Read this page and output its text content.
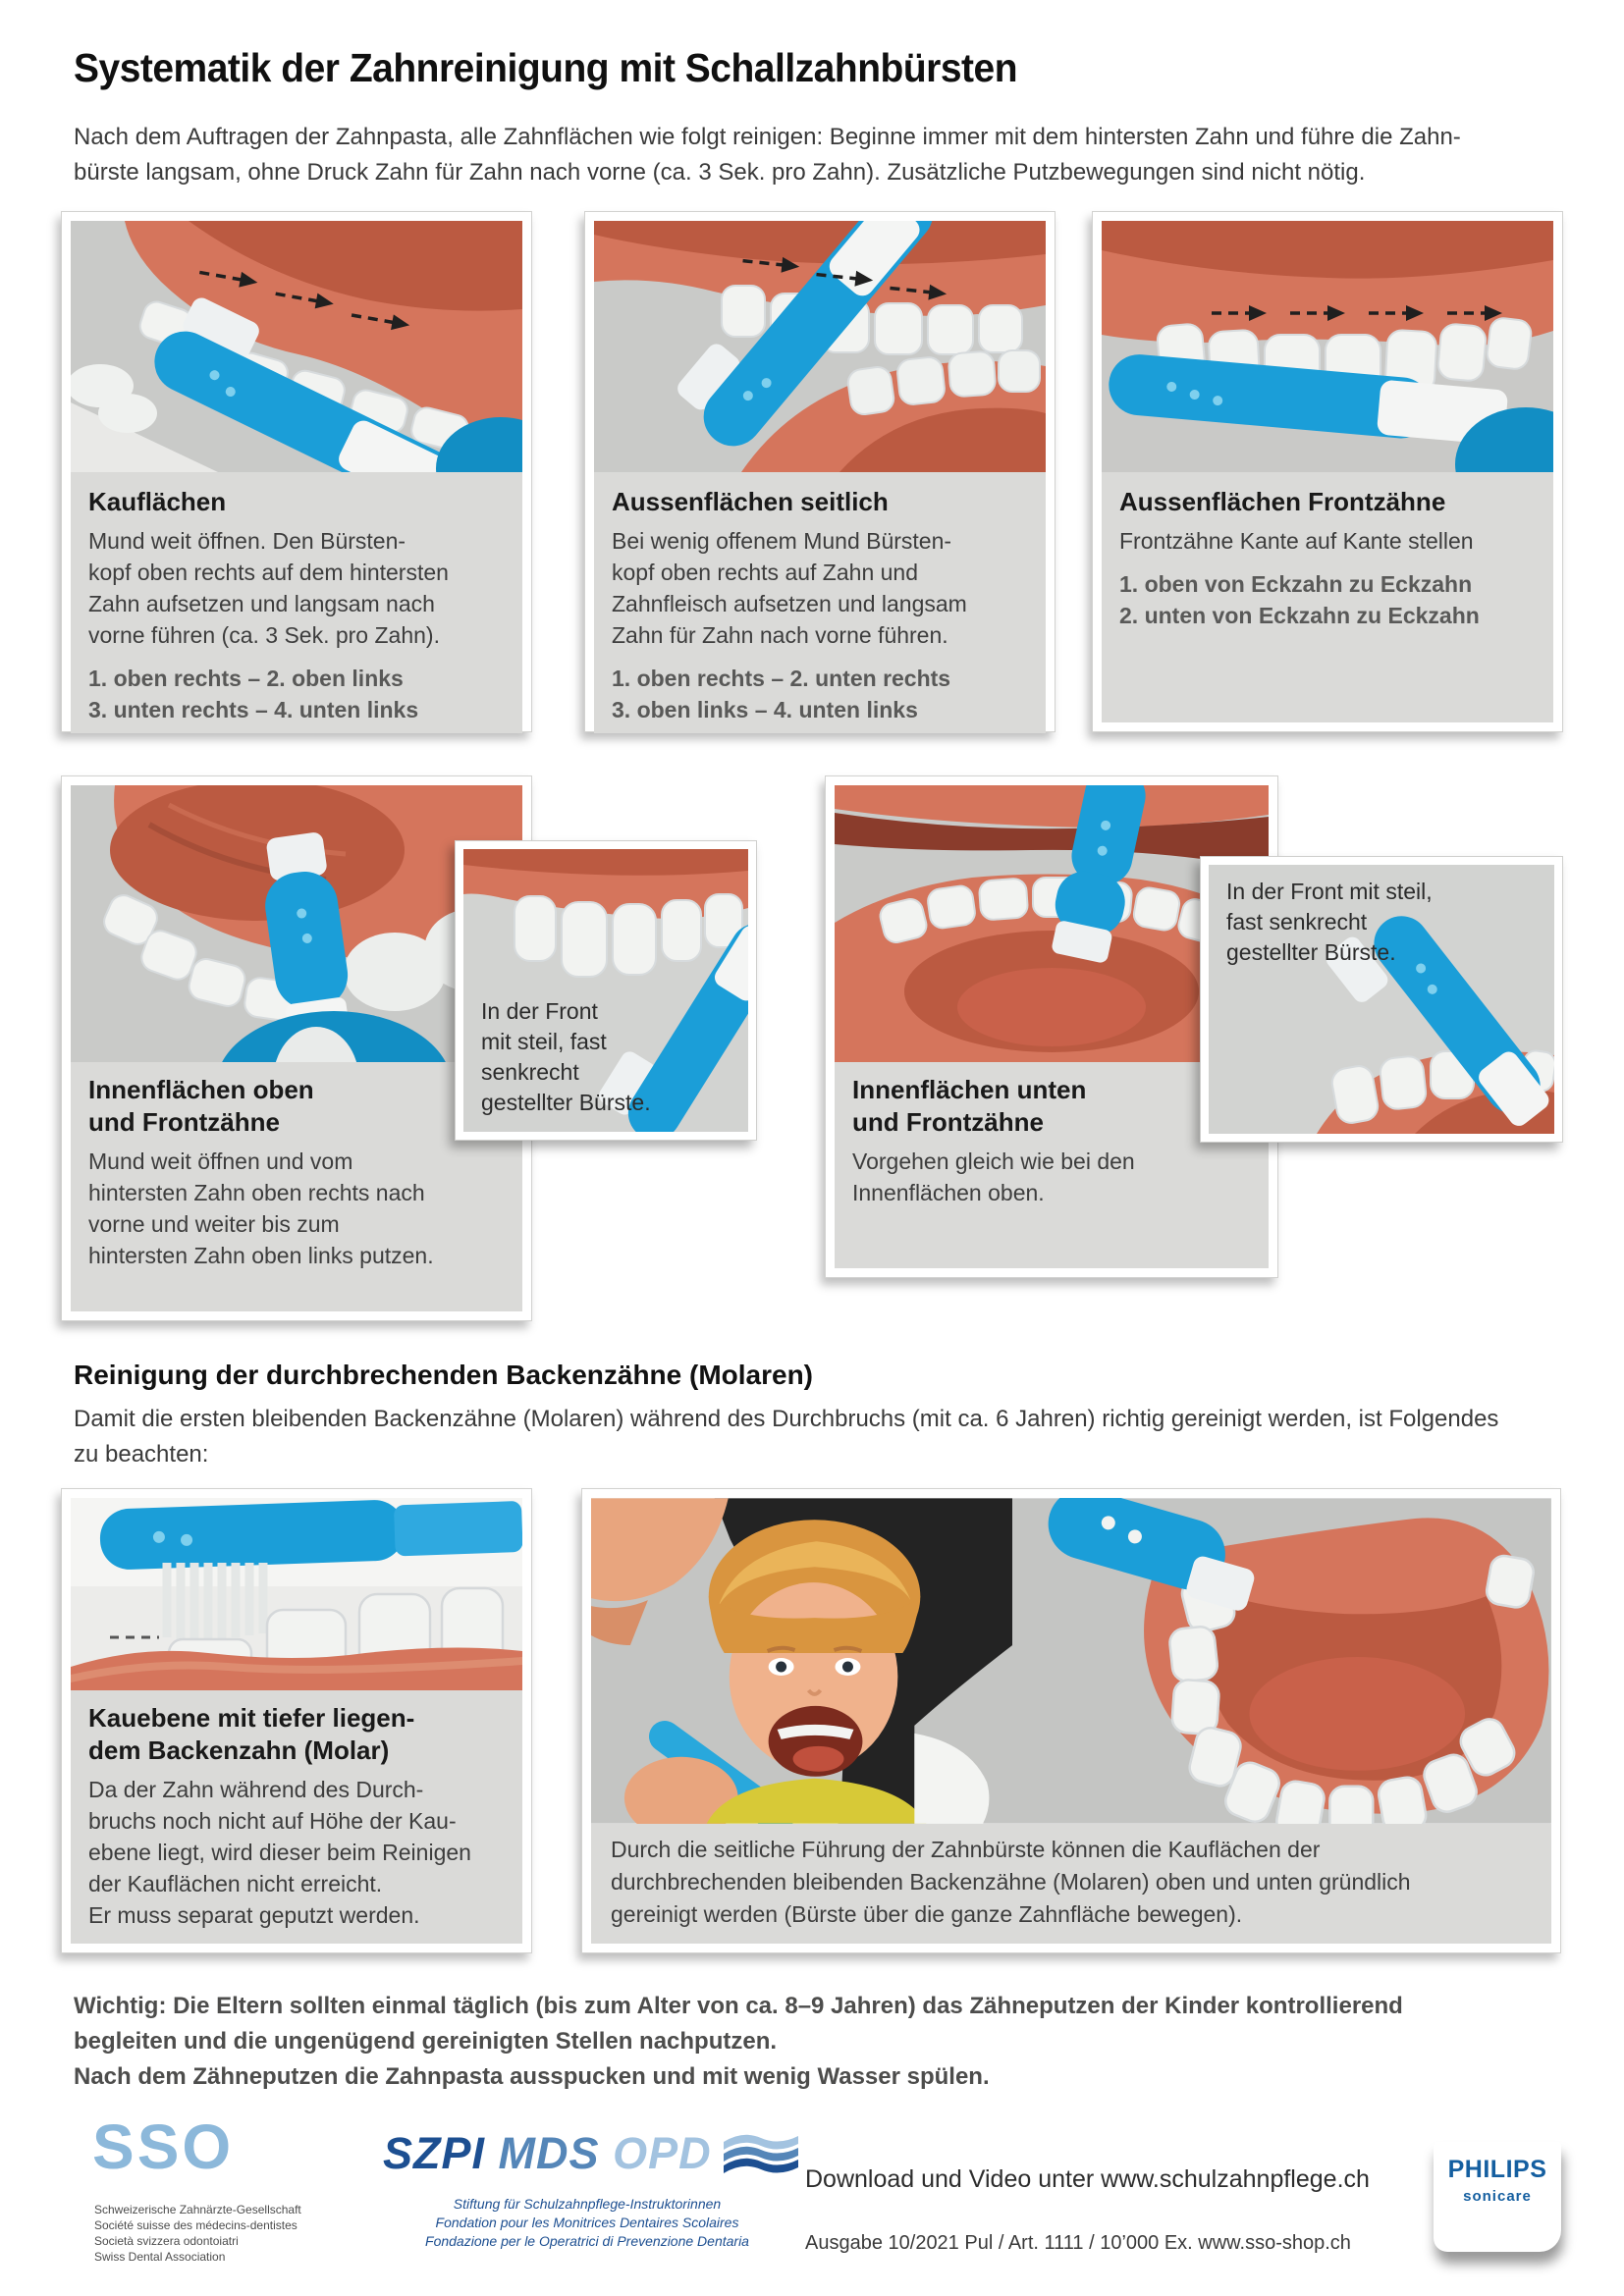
Systematik der Zahnreinigung mit Schallzahnbürsten
Nach dem Auftragen der Zahnpasta, alle Zahnflächen wie folgt reinigen: Beginne immer mit dem hintersten Zahn und führe die Zahn-
bürste langsam, ohne Druck Zahn für Zahn nach vorne (ca. 3 Sek. pro Zahn). Zusätzliche Putzbewegungen sind nicht nötig.
Kauflächen
Mund weit öffnen. Den Bürsten-
kopf oben rechts auf dem hintersten
Zahn aufsetzen und langsam nach
vorne führen (ca. 3 Sek. pro Zahn).
1. oben rechts – 2. oben links
3. unten rechts – 4. unten links
Aussenflächen seitlich
Bei wenig offenem Mund Bürsten-
kopf oben rechts auf Zahn und
Zahnfleisch aufsetzen und langsam
Zahn für Zahn nach vorne führen.
1. oben rechts – 2. unten rechts
3. oben links – 4. unten links
Aussenflächen Frontzähne
Frontzähne Kante auf Kante stellen
1. oben von Eckzahn zu Eckzahn
2. unten von Eckzahn zu Eckzahn
Innenflächen oben
und Frontzähne
Mund weit öffnen und vom
hintersten Zahn oben rechts nach
vorne und weiter bis zum
hintersten Zahn oben links putzen.
In der Front
mit steil, fast
senkrecht
gestellter Bürste.	Innenflächen unten
und Frontzähne
Vorgehen gleich wie bei den
Innenflächen oben.
In der Front mit steil,
fast senkrecht
gestellter Bürste.
Reinigung der durchbrechenden Backenzähne (Molaren)
Damit die ersten bleibenden Backenzähne (Molaren) während des Durchbruchs (mit ca. 6 Jahren) richtig gereinigt werden, ist Folgendes
zu beachten:
Kauebene mit tiefer liegen-
dem Backenzahn (Molar)
Da der Zahn während des Durch-
bruchs noch nicht auf Höhe der Kau-
ebene liegt, wird dieser beim Reinigen
der Kauflächen nicht erreicht.
Er muss separat geputzt werden.
Durch die seitliche Führung der Zahnbürste können die Kauflächen der
durchbrechenden bleibenden Backenzähne (Molaren) oben und unten gründlich
gereinigt werden (Bürste über die ganze Zahnfläche bewegen).
Wichtig: Die Eltern sollten einmal täglich (bis zum Alter von ca. 8–9 Jahren) das Zähneputzen der Kinder kontrollierend
begleiten und die ungenügend gereinigten Stellen nachputzen.
Nach dem Zähneputzen die Zahnpasta ausspucken und mit wenig Wasser spülen.
SSO
Schweizerische Zahnärzte-Gesellschaft
Société suisse des médecins-dentistes
Società svizzera odontoiatri
Swiss Dental Association
SZPI MDS OPD
Stiftung für Schulzahnpflege-Instruktorinnen
Fondation pour les Monitrices Dentaires Scolaires
Fondazione per le Operatrici di Prevenzione Dentaria
Download und Video unter www.schulzahnpflege.ch
Ausgabe 10/2021 Pul / Art. 1111 / 10’000 Ex. www.sso-shop.ch
PHILIPS
sonicare
